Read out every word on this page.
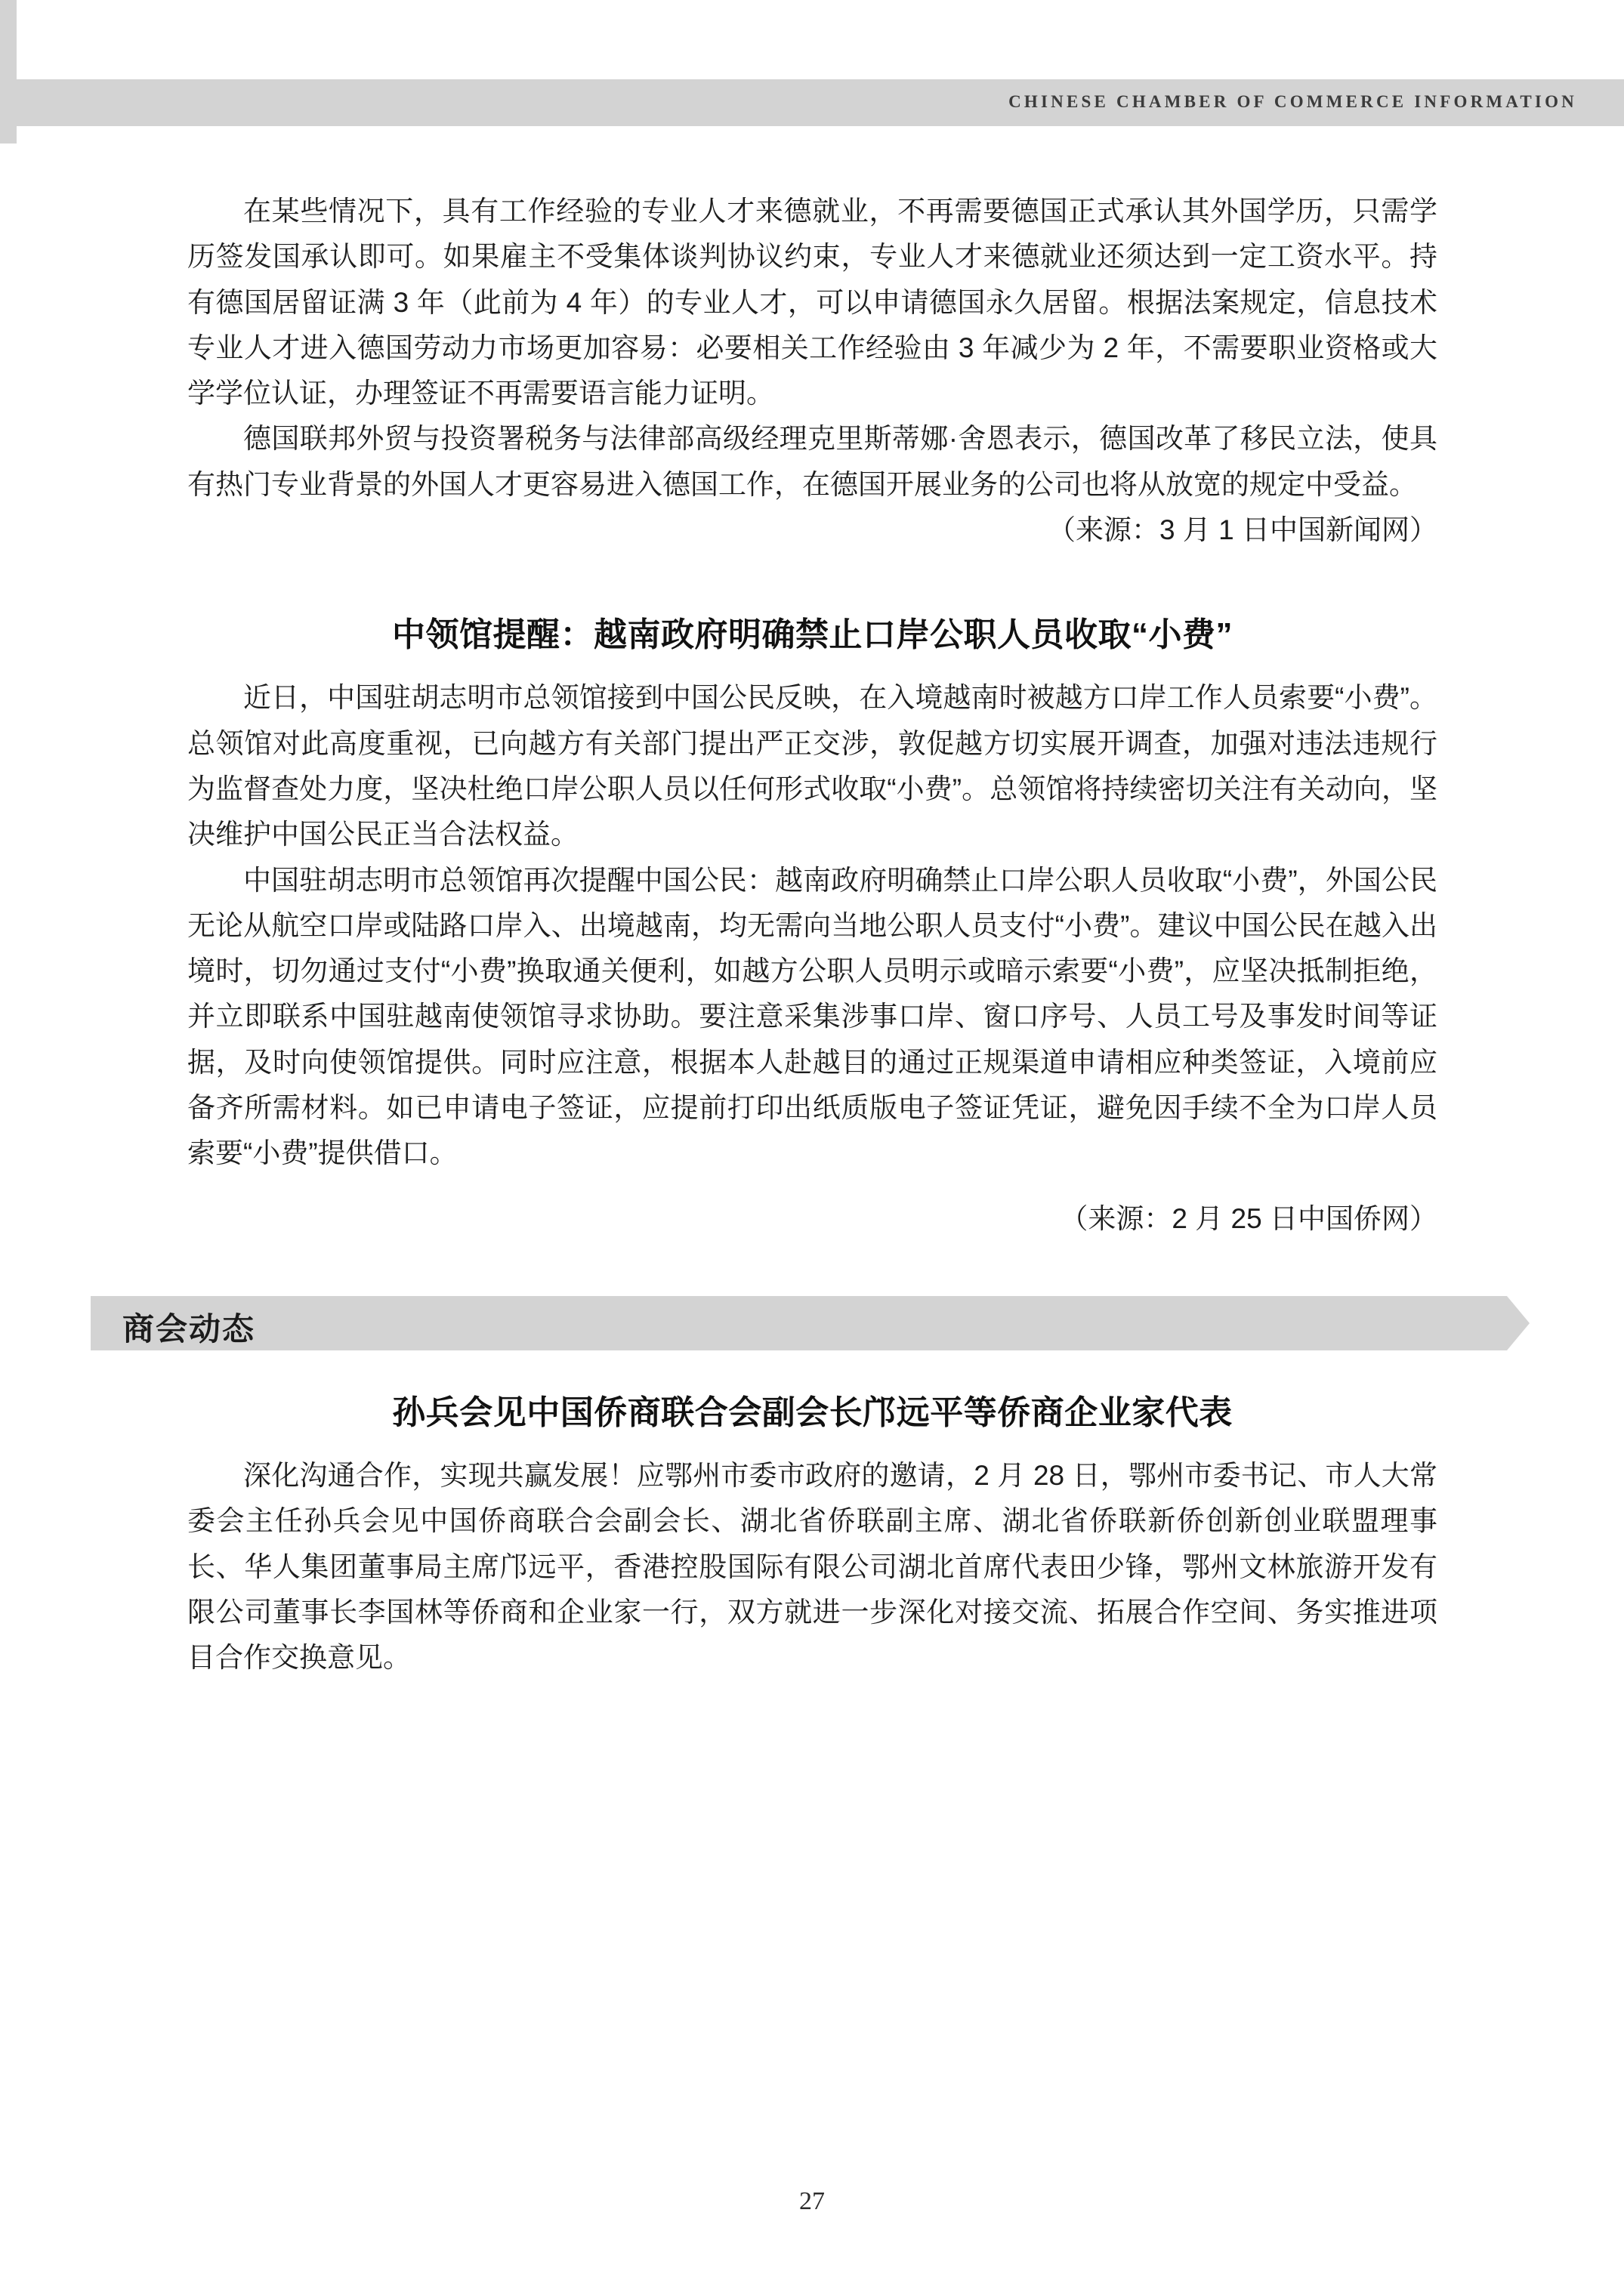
CHINESE CHAMBER OF COMMERCE INFORMATION

在某些情况下，具有工作经验的专业人才来德就业，不再需要德国正式承认其外国学历，只需学历签发国承认即可。如果雇主不受集体谈判协议约束，专业人才来德就业还须达到一定工资水平。持有德国居留证满 3 年（此前为 4 年）的专业人才，可以申请德国永久居留。根据法案规定，信息技术专业人才进入德国劳动力市场更加容易：必要相关工作经验由 3 年减少为 2 年，不需要职业资格或大学学位认证，办理签证不再需要语言能力证明。

德国联邦外贸与投资署税务与法律部高级经理克里斯蒂娜·舍恩表示，德国改革了移民立法，使具有热门专业背景的外国人才更容易进入德国工作，在德国开展业务的公司也将从放宽的规定中受益。

（来源：3 月 1 日中国新闻网）

中领馆提醒：越南政府明确禁止口岸公职人员收取“小费”

近日，中国驻胡志明市总领馆接到中国公民反映，在入境越南时被越方口岸工作人员索要“小费”。总领馆对此高度重视，已向越方有关部门提出严正交涉，敦促越方切实展开调查，加强对违法违规行为监督查处力度，坚决杜绝口岸公职人员以任何形式收取“小费”。总领馆将持续密切关注有关动向，坚决维护中国公民正当合法权益。

中国驻胡志明市总领馆再次提醒中国公民：越南政府明确禁止口岸公职人员收取“小费”，外国公民无论从航空口岸或陆路口岸入、出境越南，均无需向当地公职人员支付“小费”。建议中国公民在越入出境时，切勿通过支付“小费”换取通关便利，如越方公职人员明示或暗示索要“小费”，应坚决抵制拒绝，并立即联系中国驻越南使领馆寻求协助。要注意采集涉事口岸、窗口序号、人员工号及事发时间等证据，及时向使领馆提供。同时应注意，根据本人赴越目的通过正规渠道申请相应种类签证，入境前应备齐所需材料。如已申请电子签证，应提前打印出纸质版电子签证凭证，避免因手续不全为口岸人员索要“小费”提供借口。

（来源：2 月 25 日中国侨网）

商会动态

孙兵会见中国侨商联合会副会长邝远平等侨商企业家代表

深化沟通合作，实现共赢发展！应鄂州市委市政府的邀请，2 月 28 日，鄂州市委书记、市人大常委会主任孙兵会见中国侨商联合会副会长、湖北省侨联副主席、湖北省侨联新侨创新创业联盟理事长、华人集团董事局主席邝远平，香港控股国际有限公司湖北首席代表田少锋，鄂州文林旅游开发有限公司董事长李国林等侨商和企业家一行，双方就进一步深化对接交流、拓展合作空间、务实推进项目合作交换意见。

27
